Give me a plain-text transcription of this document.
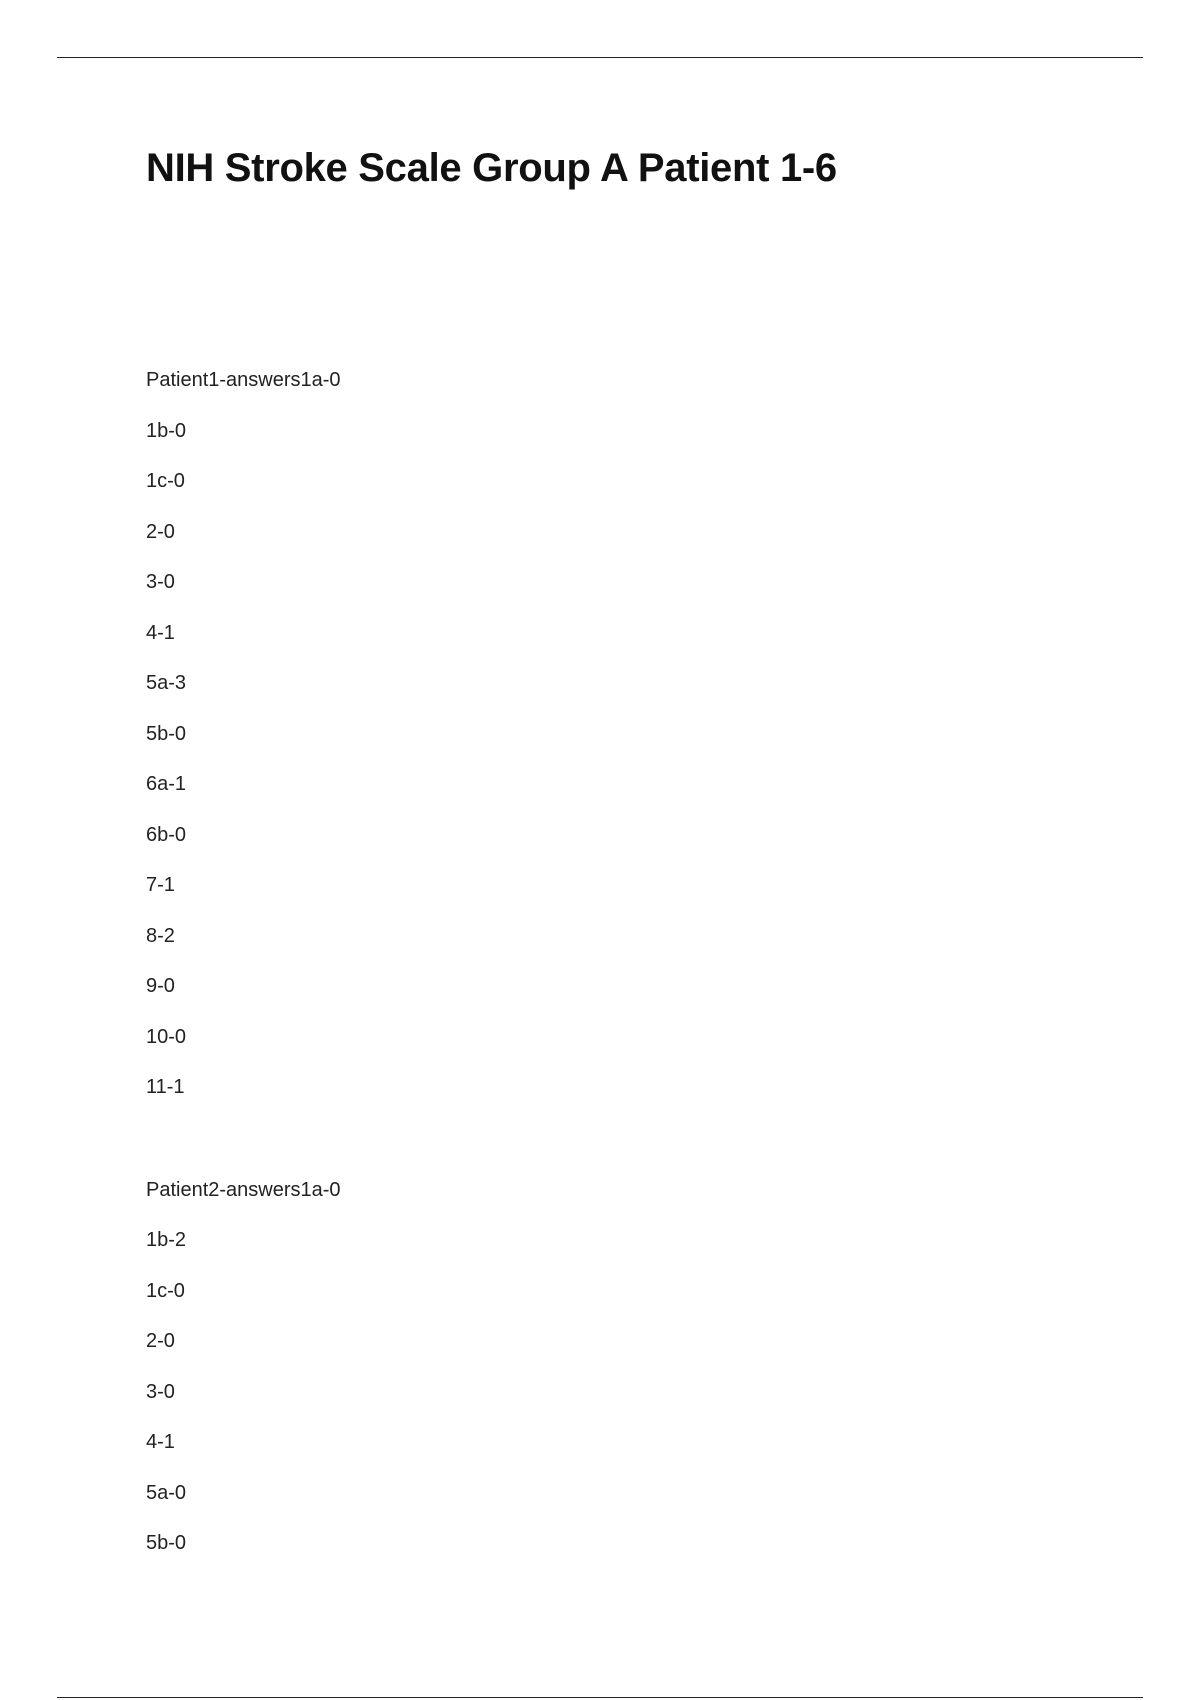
NIH Stroke Scale Group A Patient 1-6
Patient1-answers1a-0
1b-0
1c-0
2-0
3-0
4-1
5a-3
5b-0
6a-1
6b-0
7-1
8-2
9-0
10-0
11-1
Patient2-answers1a-0
1b-2
1c-0
2-0
3-0
4-1
5a-0
5b-0
